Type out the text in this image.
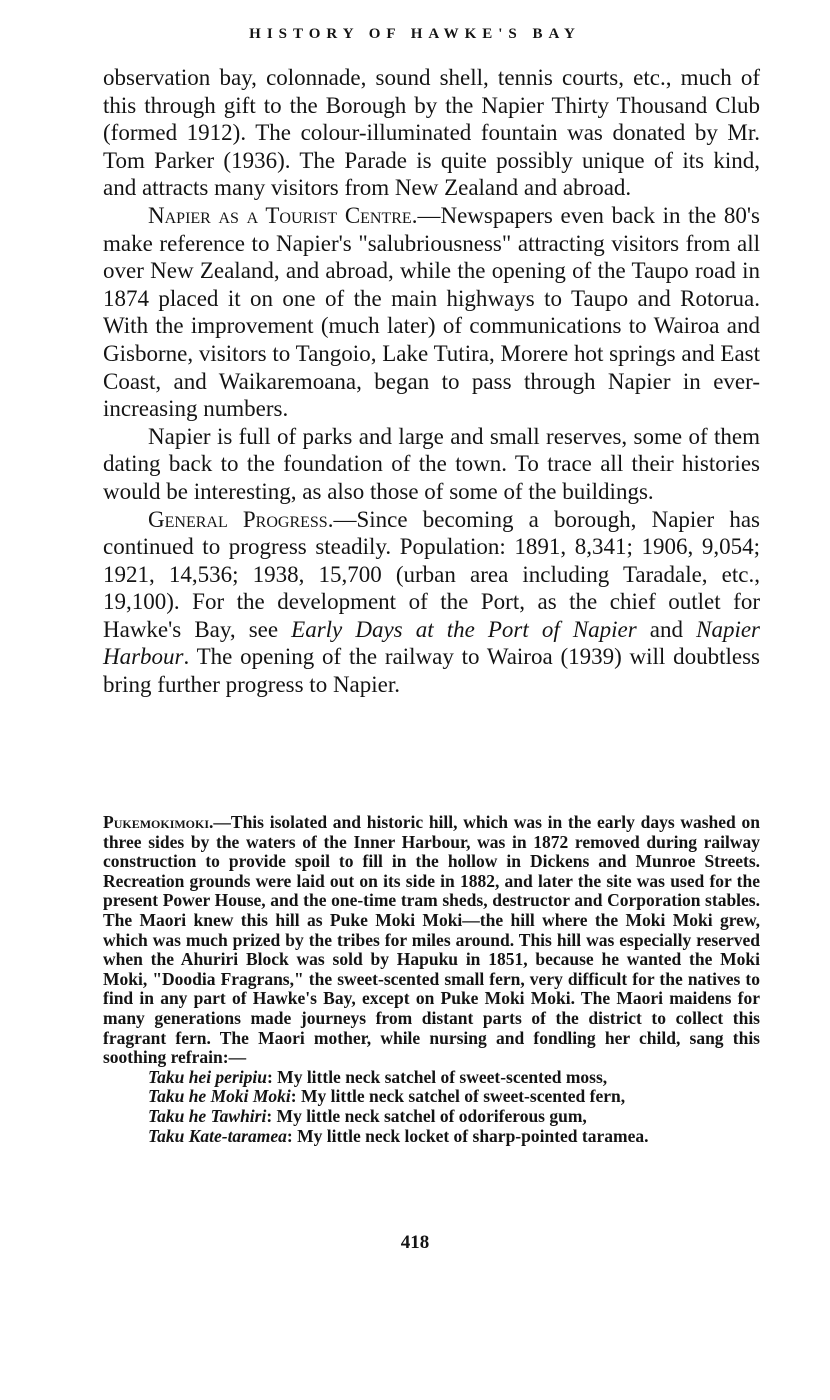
HISTORY OF HAWKE'S BAY

observation bay, colonnade, sound shell, tennis courts, etc., much of this through gift to the Borough by the Napier Thirty Thousand Club (formed 1912). The colour-illuminated fountain was donated by Mr. Tom Parker (1936). The Parade is quite possibly unique of its kind, and attracts many visitors from New Zealand and abroad.

Napier as a Tourist Centre.—Newspapers even back in the 80's make reference to Napier's "salubriousness" attracting visitors from all over New Zealand, and abroad, while the opening of the Taupo road in 1874 placed it on one of the main highways to Taupo and Rotorua. With the improvement (much later) of communications to Wairoa and Gisborne, visitors to Tangoio, Lake Tutira, Morere hot springs and East Coast, and Waikaremoana, began to pass through Napier in ever-increasing numbers.

Napier is full of parks and large and small reserves, some of them dating back to the foundation of the town. To trace all their histories would be interesting, as also those of some of the buildings.

General Progress.—Since becoming a borough, Napier has continued to progress steadily. Population: 1891, 8,341; 1906, 9,054; 1921, 14,536; 1938, 15,700 (urban area including Taradale, etc., 19,100). For the development of the Port, as the chief outlet for Hawke's Bay, see Early Days at the Port of Napier and Napier Harbour. The opening of the railway to Wairoa (1939) will doubtless bring further progress to Napier.

Pukemokimoki.—This isolated and historic hill, which was in the early days washed on three sides by the waters of the Inner Harbour, was in 1872 removed during railway construction to provide spoil to fill in the hollow in Dickens and Munroe Streets. Recreation grounds were laid out on its side in 1882, and later the site was used for the present Power House, and the one-time tram sheds, destructor and Corporation stables. The Maori knew this hill as Puke Moki Moki—the hill where the Moki Moki grew, which was much prized by the tribes for miles around. This hill was especially reserved when the Ahuriri Block was sold by Hapuku in 1851, because he wanted the Moki Moki, "Doodia Fragrans," the sweet-scented small fern, very difficult for the natives to find in any part of Hawke's Bay, except on Puke Moki Moki. The Maori maidens for many generations made journeys from distant parts of the district to collect this fragrant fern. The Maori mother, while nursing and fondling her child, sang this soothing refrain:—

Taku hei peripiu: My little neck satchel of sweet-scented moss,
Taku he Moki Moki: My little neck satchel of sweet-scented fern,
Taku he Tawhiri: My little neck satchel of odoriferous gum,
Taku Kate-taramea: My little neck locket of sharp-pointed taramea.

418
